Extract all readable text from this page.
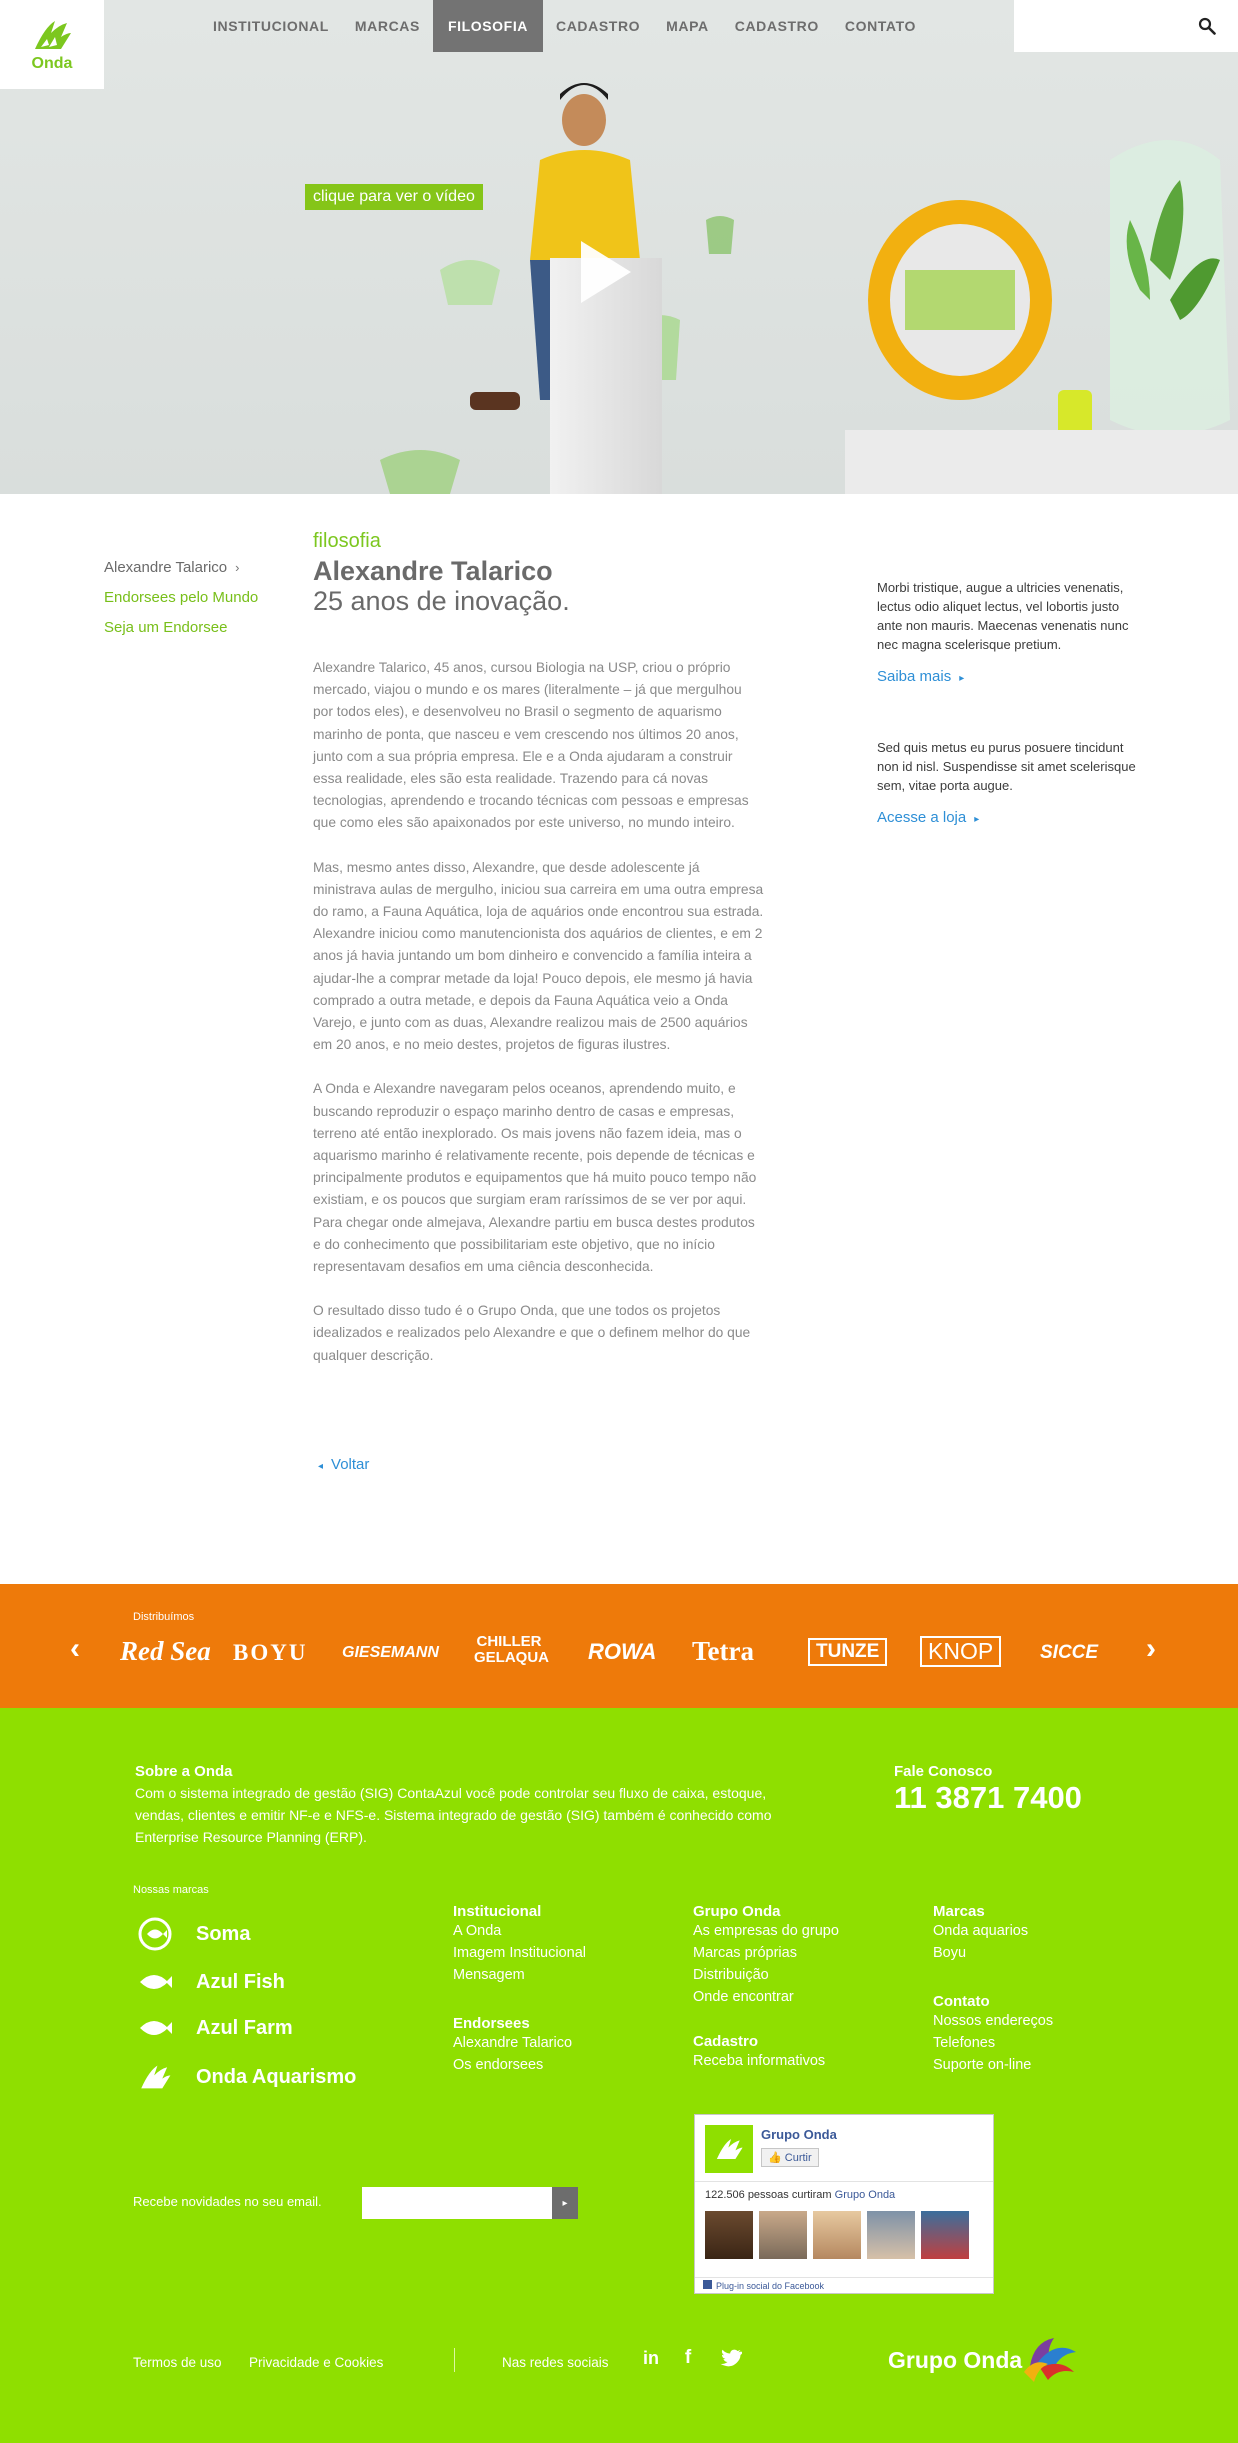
clique para ver o vídeo
Onda
INSTITUCIONAL	MARCAS	FILOSOFIA	CADASTRO	MAPA	CADASTRO	CONTATO
Alexandre Talarico ›
Endorsees pelo Mundo
Seja um Endorsee
filosofia
Alexandre Talarico
25 anos de inovação.

Alexandre Talarico, 45 anos, cursou Biologia na USP, criou o próprio mercado, viajou o mundo e os mares (literalmente – já que mergulhou por todos eles), e desenvolveu no Brasil o segmento de aquarismo marinho de ponta, que nasceu e vem crescendo nos últimos 20 anos, junto com a sua própria empresa. Ele e a Onda ajudaram a construir essa realidade, eles são esta realidade. Trazendo para cá novas tecnologias, aprendendo e trocando técnicas com pessoas e empresas que como eles são apaixonados por este universo, no mundo inteiro.

Mas, mesmo antes disso, Alexandre, que desde adolescente já ministrava aulas de mergulho, iniciou sua carreira em uma outra empresa do ramo, a Fauna Aquática, loja de aquários onde encontrou sua estrada. Alexandre iniciou como manutencionista dos aquários de clientes, e em 2 anos já havia juntando um bom dinheiro e convencido a família inteira a ajudar-lhe a comprar metade da loja! Pouco depois, ele mesmo já havia comprado a outra metade, e depois da Fauna Aquática veio a Onda Varejo, e junto com as duas, Alexandre realizou mais de 2500 aquários em 20 anos, e no meio destes, projetos de figuras ilustres.

A Onda e Alexandre navegaram pelos oceanos, aprendendo muito, e buscando reproduzir o espaço marinho dentro de casas e empresas, terreno até então inexplorado. Os mais jovens não fazem ideia, mas o aquarismo marinho é relativamente recente, pois depende de técnicas e principalmente produtos e equipamentos que há muito pouco tempo não existiam, e os poucos que surgiam eram raríssimos de se ver por aqui. Para chegar onde almejava, Alexandre partiu em busca destes produtos e do conhecimento que possibilitariam este objetivo, que no início representavam desafios em uma ciência desconhecida.

O resultado disso tudo é o Grupo Onda, que une todos os projetos idealizados e realizados pelo Alexandre e que o definem melhor do que qualquer descrição.

◂ Voltar

Morbi tristique, augue a ultricies venenatis, lectus odio aliquet lectus, vel lobortis justo ante non mauris. Maecenas venenatis nunc nec magna scelerisque pretium.

Saiba mais ▸

Sed quis metus eu purus posuere tincidunt non id nisl. Suspendisse sit amet scelerisque sem, vitae porta augue.

Acesse a loja ▸
Distribuímos
‹	›
Red Sea BOYU GIESEMANN
CHILLER GELAQUA ROWA Tetra	TUNZE	KNOP	SICCE
Sobre a Onda
Com o sistema integrado de gestão (SIG) ContaAzul você pode controlar seu fluxo de caixa, estoque, vendas, clientes e emitir NF-e e NFS-e. Sistema integrado de gestão (SIG) também é conhecido como Enterprise Resource Planning (ERP).
Fale Conosco
11 3871 7400
Nossas marcas
Soma
Azul Fish
Azul Farm
Onda Aquarismo
Institucional
A Onda
Imagem Institucional
Mensagem
Endorsees
Alexandre Talarico
Os endorsees
Grupo Onda
As empresas do grupo
Marcas próprias
Distribuição
Onde encontrar
Cadastro
Receba informativos
Marcas
Onda aquarios
Boyu
Contato
Nossos endereços
Telefones
Suporte on-line
Grupo Onda
👍 Curtir
122.506 pessoas curtiram Grupo Onda
Plug-in social do Facebook
Recebe novidades no seu email.	▸
Termos de uso Privacidade e Cookies	Nas redes sociais in	f	Grupo Onda
